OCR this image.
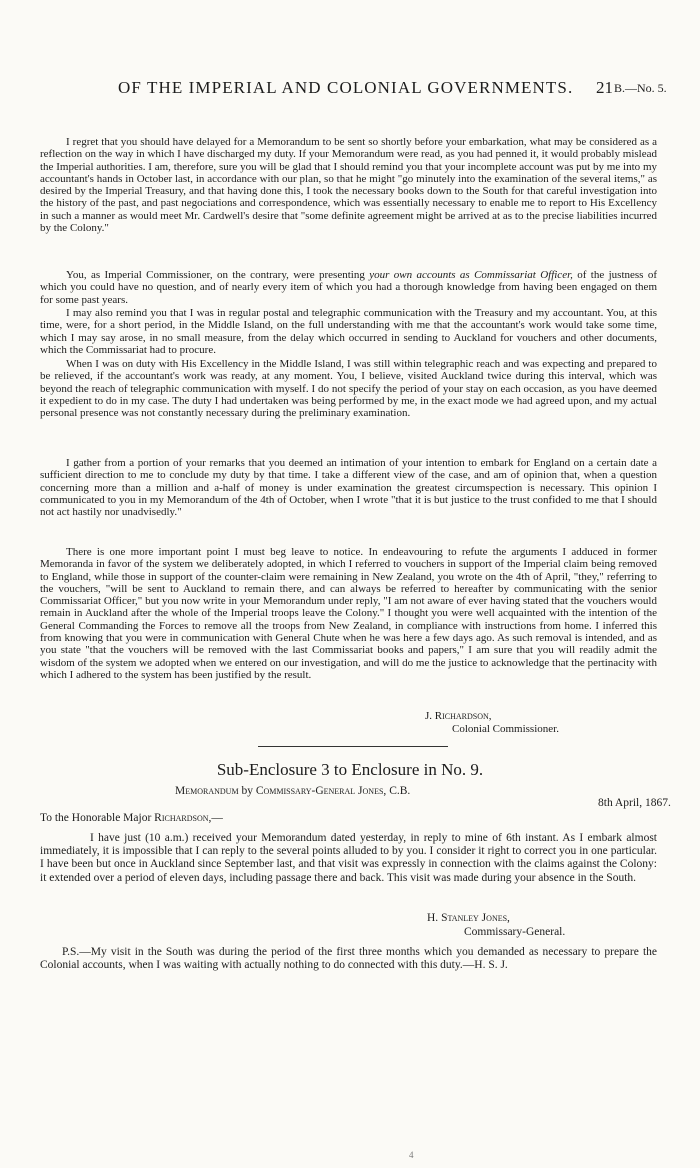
OF THE IMPERIAL AND COLONIAL GOVERNMENTS. 21 B.—No. 5.

I regret that you should have delayed for a Memorandum to be sent so shortly before your embarkation, what may be considered as a reflection on the way in which I have discharged my duty. If your Memorandum were read, as you had penned it, it would probably mislead the Imperial authorities. I am, therefore, sure you will be glad that I should remind you that your incomplete account was put by me into my accountant's hands in October last, in accordance with our plan, so that he might "go minutely into the examination of the several items," as desired by the Imperial Treasury, and that having done this, I took the necessary books down to the South for that careful investigation into the history of the past, and past negociations and correspondence, which was essentially necessary to enable me to report to His Excellency in such a manner as would meet Mr. Cardwell's desire that "some definite agreement might be arrived at as to the precise liabilities incurred by the Colony."

You, as Imperial Commissioner, on the contrary, were presenting your own accounts as Commissariat Officer, of the justness of which you could have no question, and of nearly every item of which you had a thorough knowledge from having been engaged on them for some past years.

I may also remind you that I was in regular postal and telegraphic communication with the Treasury and my accountant. You, at this time, were, for a short period, in the Middle Island, on the full understanding with me that the accountant's work would take some time, which I may say arose, in no small measure, from the delay which occurred in sending to Auckland for vouchers and other documents, which the Commissariat had to procure.

When I was on duty with His Excellency in the Middle Island, I was still within telegraphic reach and was expecting and prepared to be relieved, if the accountant's work was ready, at any moment. You, I believe, visited Auckland twice during this interval, which was beyond the reach of telegraphic communication with myself. I do not specify the period of your stay on each occasion, as you have deemed it expedient to do in my case. The duty I had undertaken was being performed by me, in the exact mode we had agreed upon, and my actual personal presence was not constantly necessary during the preliminary examination.

I gather from a portion of your remarks that you deemed an intimation of your intention to embark for England on a certain date a sufficient direction to me to conclude my duty by that time. I take a different view of the case, and am of opinion that, when a question concerning more than a million and a-half of money is under examination the greatest circumspection is necessary. This opinion I communicated to you in my Memorandum of the 4th of October, when I wrote "that it is but justice to the trust confided to me that I should not act hastily nor unadvisedly."

There is one more important point I must beg leave to notice. In endeavouring to refute the arguments I adduced in former Memoranda in favor of the system we deliberately adopted, in which I referred to vouchers in support of the Imperial claim being removed to England, while those in support of the counter-claim were remaining in New Zealand, you wrote on the 4th of April, "they," referring to the vouchers, "will be sent to Auckland to remain there, and can always be referred to hereafter by communicating with the senior Commissariat Officer," but you now write in your Memorandum under reply, "I am not aware of ever having stated that the vouchers would remain in Auckland after the whole of the Imperial troops leave the Colony." I thought you were well acquainted with the intention of the General Commanding the Forces to remove all the troops from New Zealand, in compliance with instructions from home. I inferred this from knowing that you were in communication with General Chute when he was here a few days ago. As such removal is intended, and as you state "that the vouchers will be removed with the last Commissariat books and papers," I am sure that you will readily admit the wisdom of the system we adopted when we entered on our investigation, and will do me the justice to acknowledge that the pertinacity with which I adhered to the system has been justified by the result.

J. Richardson,
Colonial Commissioner.
Sub-Enclosure 3 to Enclosure in No. 9.
Memorandum by Commissary-General Jones, C.B.
8th April, 1867.
To the Honorable Major Richardson,—

I have just (10 a.m.) received your Memorandum dated yesterday, in reply to mine of 6th instant. As I embark almost immediately, it is impossible that I can reply to the several points alluded to by you. I consider it right to correct you in one particular. I have been but once in Auckland since September last, and that visit was expressly in connection with the claims against the Colony: it extended over a period of eleven days, including passage there and back. This visit was made during your absence in the South.

H. Stanley Jones,
Commissary-General.

P.S.—My visit in the South was during the period of the first three months which you demanded as necessary to prepare the Colonial accounts, when I was waiting with actually nothing to do connected with this duty.—H. S. J.

4
